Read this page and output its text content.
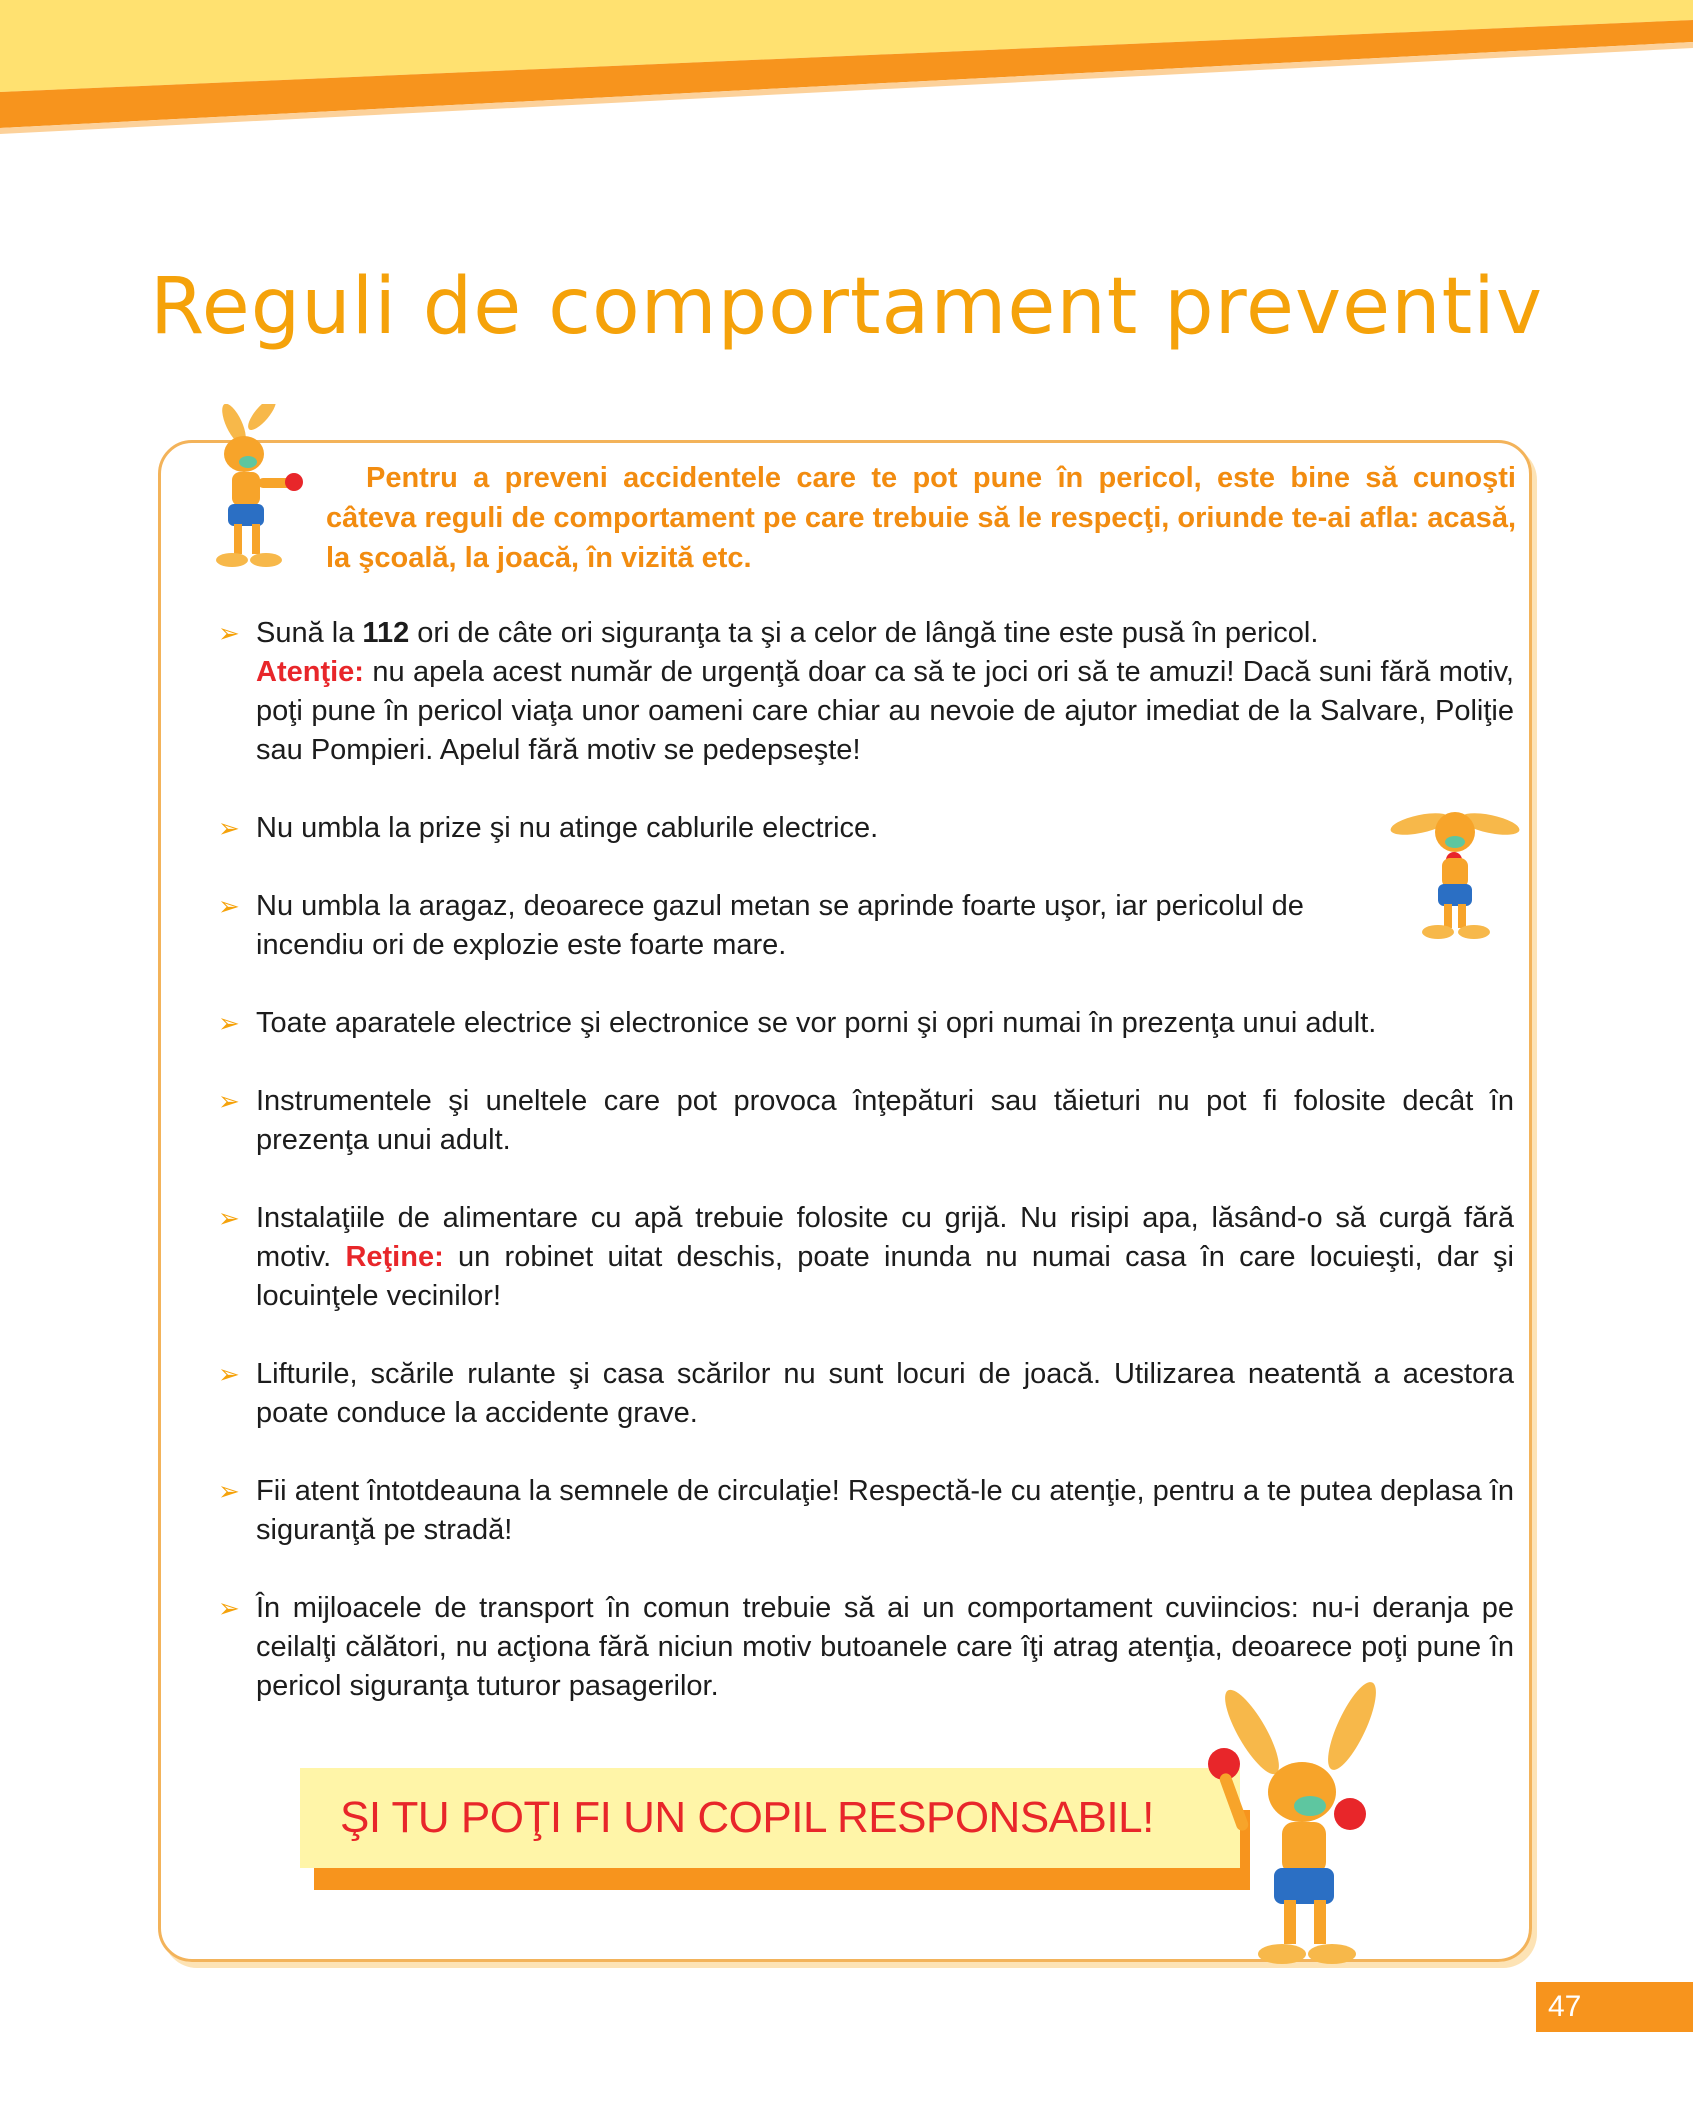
Reguli de comportament preventiv

Pentru a preveni accidentele care te pot pune în pericol, este bine să cunoşti câteva reguli de comportament pe care trebuie să le respecţi, oriunde te-ai afla: acasă, la şcoală, la joacă, în vizită etc.

➢ Sună la 112 ori de câte ori siguranţa ta şi a celor de lângă tine este pusă în pericol.
Atenţie: nu apela acest număr de urgenţă doar ca să te joci ori să te amuzi! Dacă suni fără motiv, poţi pune în pericol viaţa unor oameni care chiar au nevoie de ajutor imediat de la Salvare, Poliţie sau Pompieri. Apelul fără motiv se pedepseşte!
➢ Nu umbla la prize şi nu atinge cablurile electrice.
➢ Nu umbla la aragaz, deoarece gazul metan se aprinde foarte uşor, iar pericolul de incendiu ori de explozie este foarte mare.
➢ Toate aparatele electrice şi electronice se vor porni şi opri numai în prezenţa unui adult.
➢ Instrumentele şi uneltele care pot provoca înţepături sau tăieturi nu pot fi folosite decât în prezenţa unui adult.
➢ Instalaţiile de alimentare cu apă trebuie folosite cu grijă. Nu risipi apa, lăsând-o să curgă fără motiv. Reţine: un robinet uitat deschis, poate inunda nu numai casa în care locuieşti, dar şi locuinţele vecinilor!
➢ Lifturile, scările rulante şi casa scărilor nu sunt locuri de joacă. Utilizarea neatentă a acestora poate conduce la accidente grave.
➢ Fii atent întotdeauna la semnele de circulaţie! Respectă-le cu atenţie, pentru a te putea deplasa în siguranţă pe stradă!
➢ În mijloacele de transport în comun trebuie să ai un comportament cuviincios: nu-i deranja pe ceilalţi călători, nu acţiona fără niciun motiv butoanele care îţi atrag atenţia, deoarece poţi pune în pericol siguranţa tuturor pasagerilor.
ŞI TU POŢI FI UN COPIL RESPONSABIL!
47
